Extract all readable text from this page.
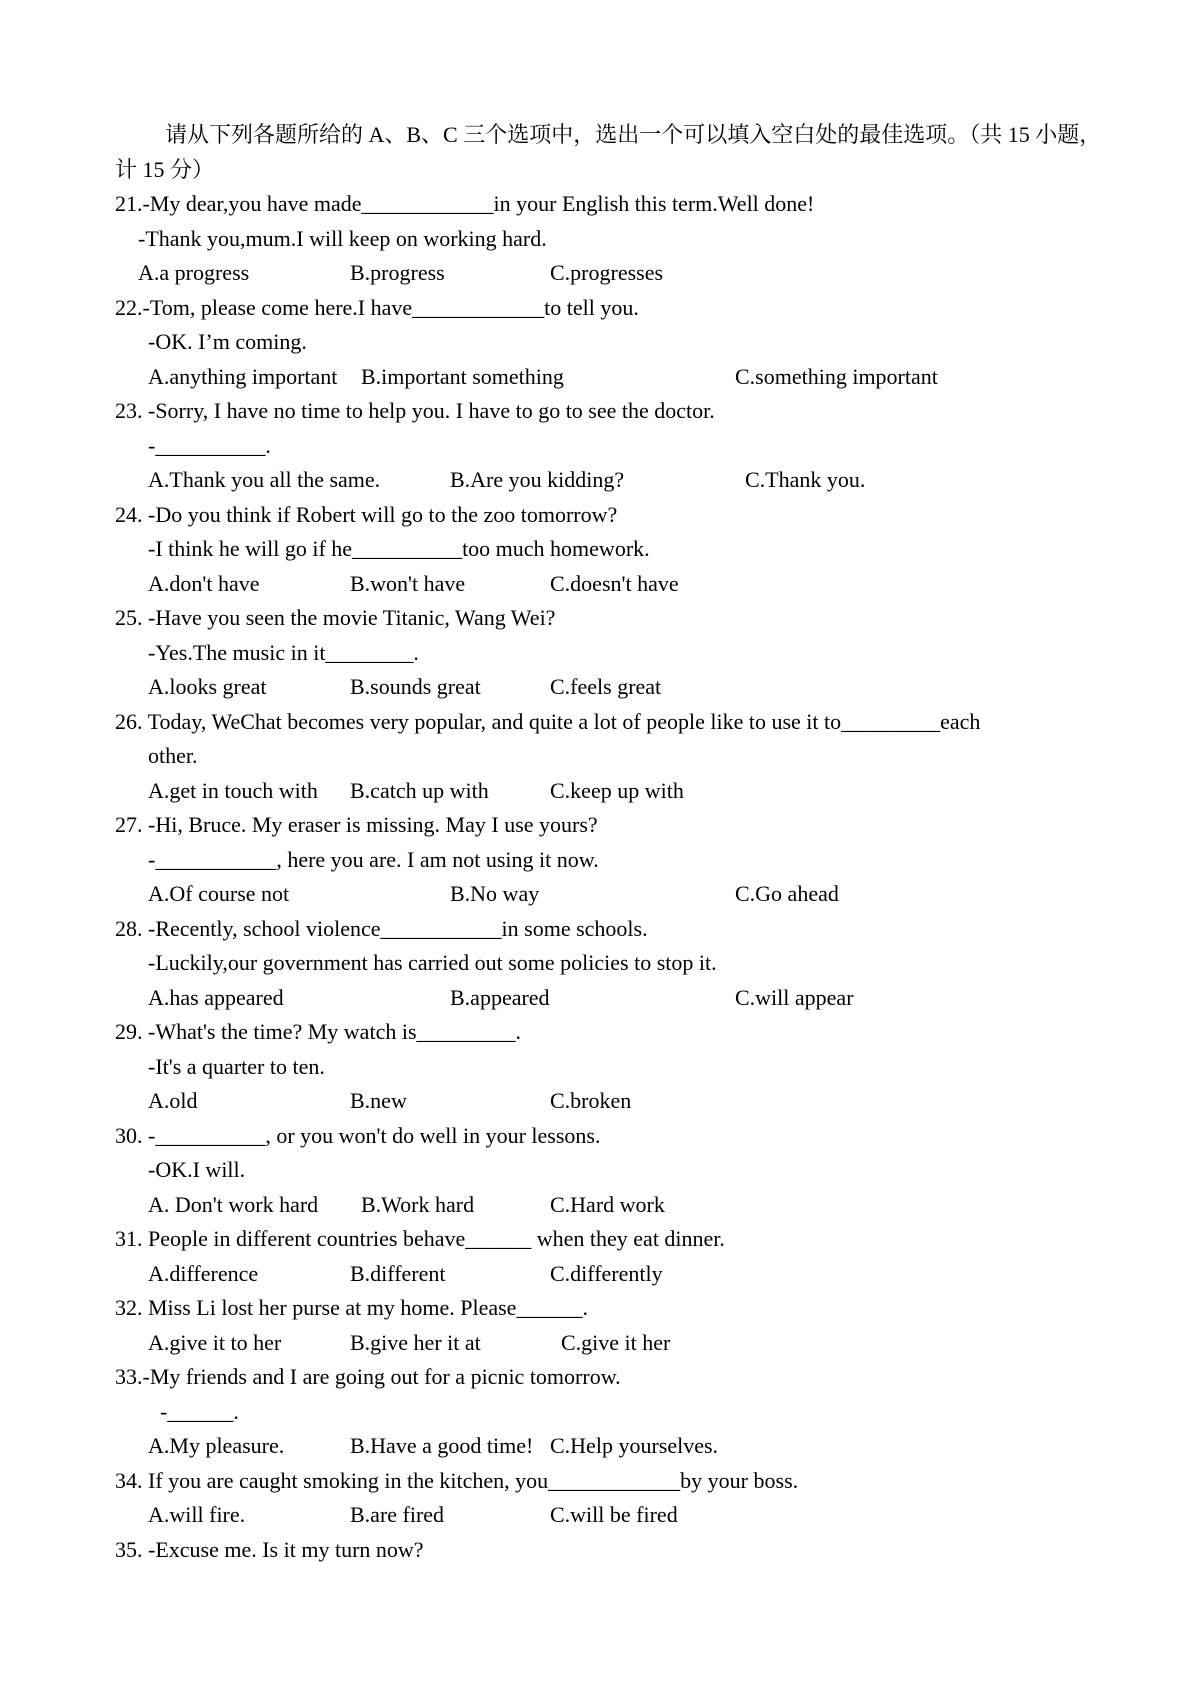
请从下列各题所给的 A、B、C 三个选项中，选出一个可以填入空白处的最佳选项。（共 15 小题，计 15 分）

21.-My dear,you have made____________in your English this term.Well done!
-Thank you,mum.I will keep on working hard.
A.a progress	B.progress	C.progresses
22.-Tom, please come here.I have____________to tell you.
-OK. I’m coming.
A.anything important B.important something	C.something important
23. -Sorry, I have no time to help you. I have to go to see the doctor.
-__________.
A.Thank you all the same.	B.Are you kidding?	C.Thank you.
24. -Do you think if Robert will go to the zoo tomorrow?
-I think he will go if he__________too much homework.
A.don't have	B.won't have	C.doesn't have
25. -Have you seen the movie Titanic, Wang Wei?
-Yes.The music in it________.
A.looks great	B.sounds great	C.feels great
26. Today, WeChat becomes very popular, and quite a lot of people like to use it to_________each
other.
A.get in touch with B.catch up with	C.keep up with
27. -Hi, Bruce. My eraser is missing. May I use yours?
-___________, here you are. I am not using it now.
A.Of course not	B.No way	C.Go ahead
28. -Recently, school violence___________in some schools.
-Luckily,our government has carried out some policies to stop it.
A.has appeared	B.appeared	C.will appear
29. -What's the time? My watch is_________.
-It's a quarter to ten.
A.old	B.new	C.broken
30. -__________, or you won't do well in your lessons.
-OK.I will.
A. Don't work hard B.Work hard	C.Hard work
31. People in different countries behave______ when they eat dinner.
A.difference	B.different	C.differently
32. Miss Li lost her purse at my home. Please______.
A.give it to her	B.give her it at	C.give it her
33.-My friends and I are going out for a picnic tomorrow.
-______.
A.My pleasure.	B.Have a good time! C.Help yourselves.
34. If you are caught smoking in the kitchen, you____________by your boss.
A.will fire.	B.are fired	C.will be fired
35. -Excuse me. Is it my turn now?
